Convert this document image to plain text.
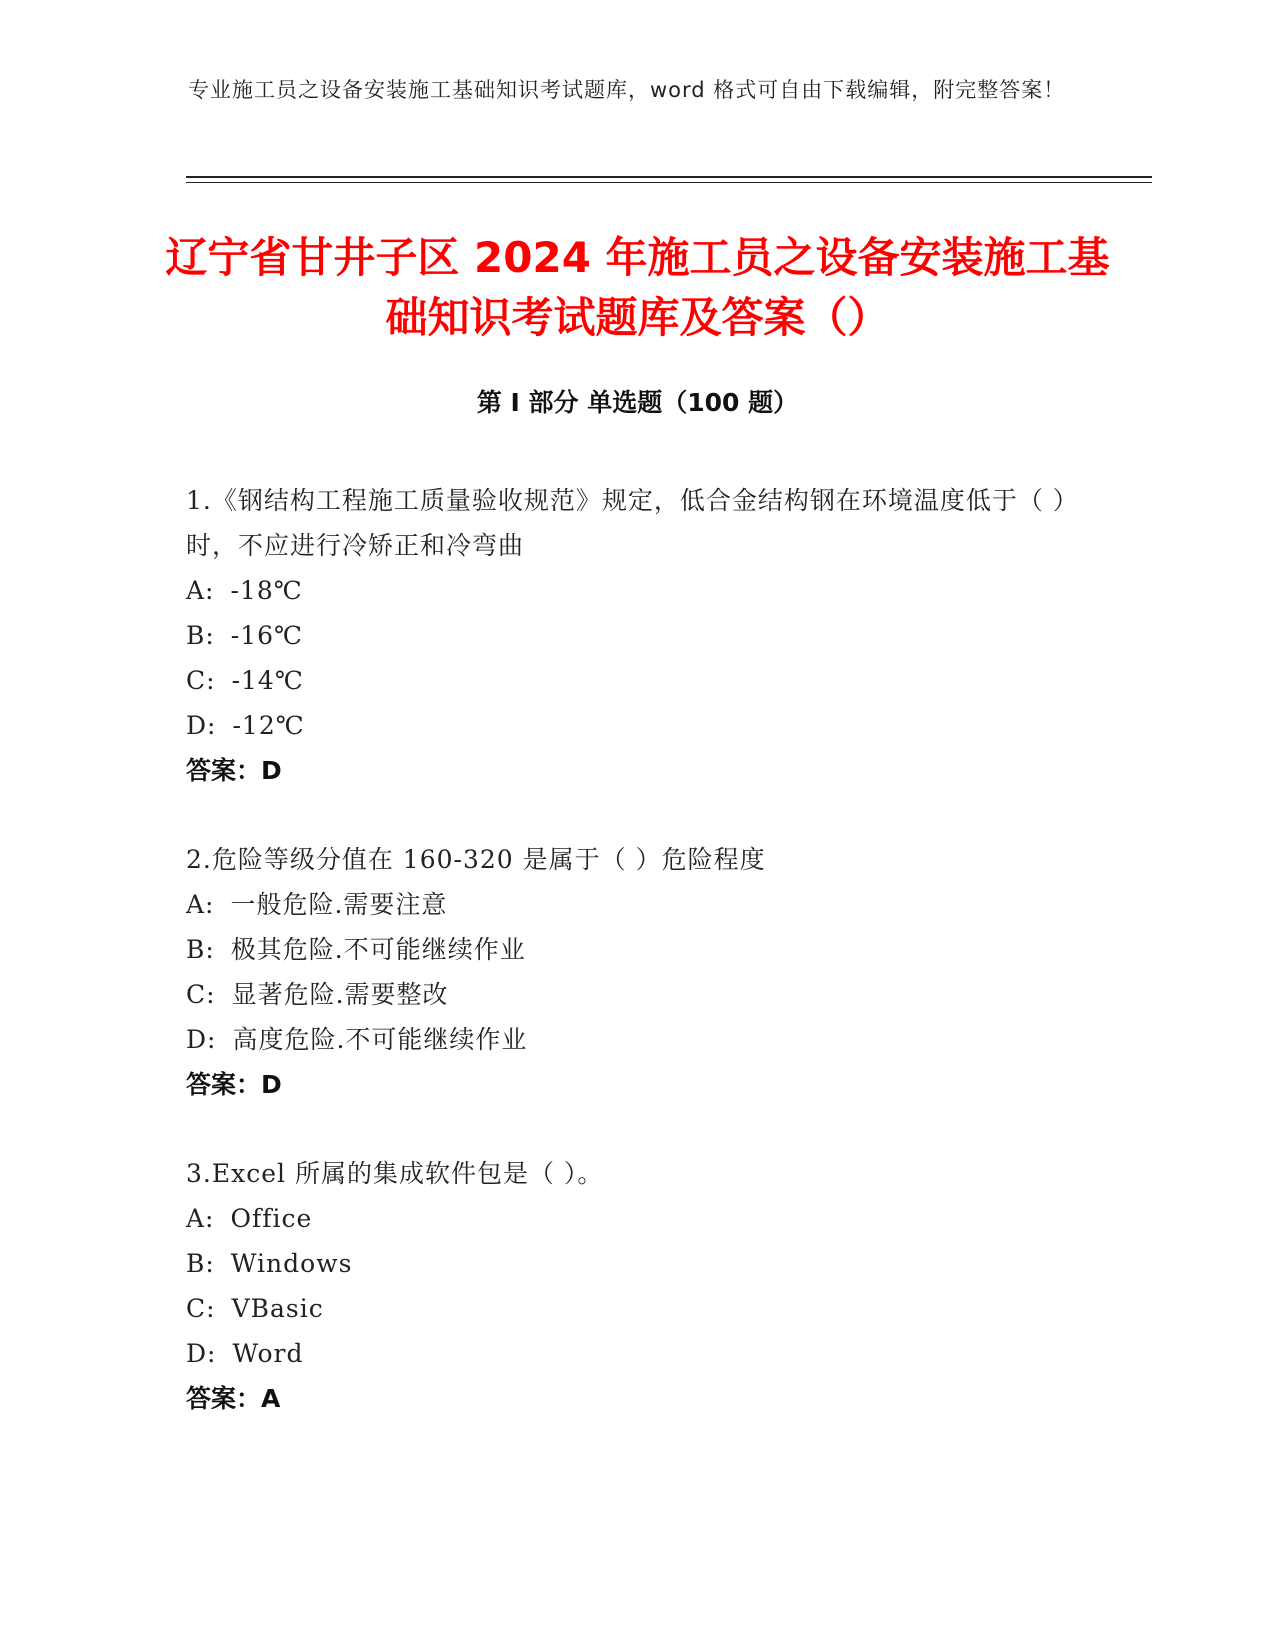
专业施工员之设备安装施工基础知识考试题库，word 格式可自由下载编辑，附完整答案！
辽宁省甘井子区 2024 年施工员之设备安装施工基础知识考试题库及答案（）
第 I 部分 单选题（100 题）

1.《钢结构工程施工质量验收规范》规定，低合金结构钢在环境温度低于（ ）时，不应进行冷矫正和冷弯曲

A: -18℃

B: -16℃

C: -14℃

D: -12℃

答案：D

2.危险等级分值在 160-320 是属于（ ）危险程度

A: 一般危险.需要注意

B: 极其危险.不可能继续作业

C: 显著危险.需要整改

D: 高度危险.不可能继续作业

答案：D

3.Excel 所属的集成软件包是（ ）。

A: Office

B: Windows

C: VBasic

D: Word

答案：A
